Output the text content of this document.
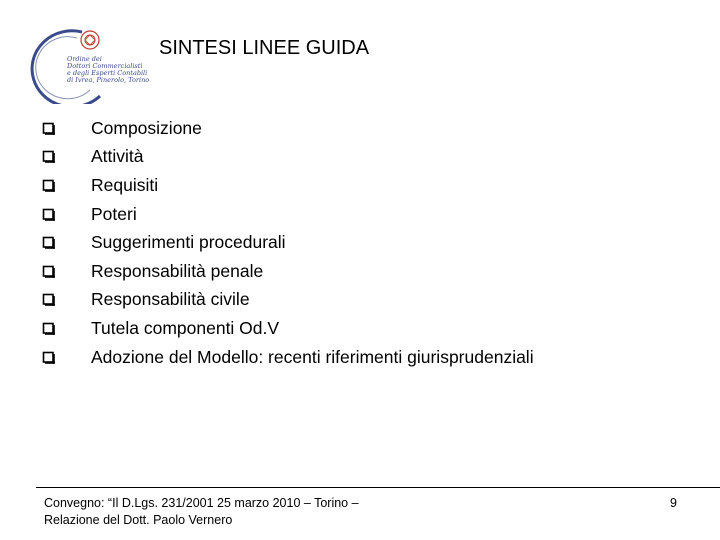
Ordine dei
Dottori Commercialisti
e degli Esperti Contabili
di Ivrea, Pinerolo, Torino
SINTESI LINEE GUIDA
Composizione
Attività
Requisiti
Poteri
Suggerimenti procedurali
Responsabilità penale
Responsabilità civile
Tutela componenti Od.V
Adozione del Modello: recenti riferimenti giurisprudenziali
Convegno: “Il D.Lgs. 231/2001 25 marzo 2010 – Torino –
Relazione del Dott. Paolo Vernero
9
